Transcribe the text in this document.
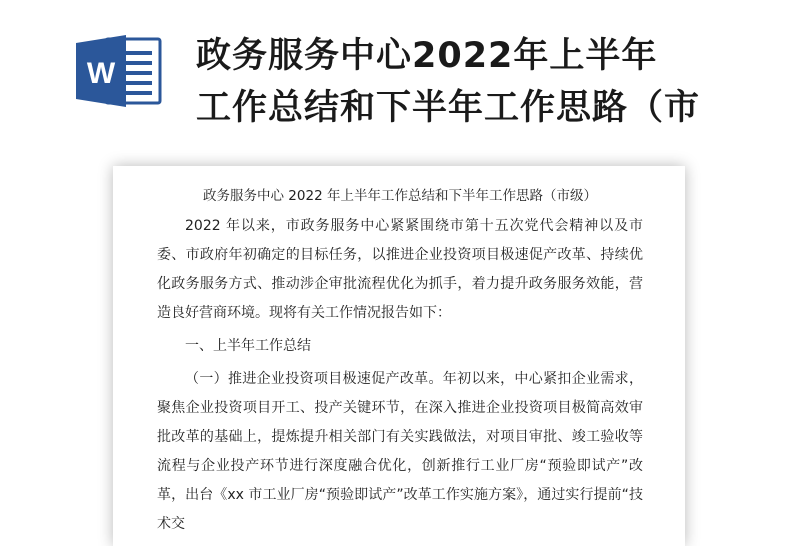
W 政务服务中心2022年上半年
工作总结和下半年工作思路（市

政务服务中心 2022 年上半年工作总结和下半年工作思路（市级）

2022 年以来，市政务服务中心紧紧围绕市第十五次党代会精神以及市委、市政府年初确定的目标任务，以推进企业投资项目极速促产改革、持续优化政务服务方式、推动涉企审批流程优化为抓手，着力提升政务服务效能，营造良好营商环境。现将有关工作情况报告如下：

一、上半年工作总结

（一）推进企业投资项目极速促产改革。年初以来，中心紧扣企业需求，聚焦企业投资项目开工、投产关键环节，在深入推进企业投资项目极简高效审批改革的基础上，提炼提升相关部门有关实践做法，对项目审批、竣工验收等流程与企业投产环节进行深度融合优化，创新推行工业厂房“预验即试产”改革，出台《xx 市工业厂房“预验即试产”改革工作实施方案》，通过实行提前“技术交
